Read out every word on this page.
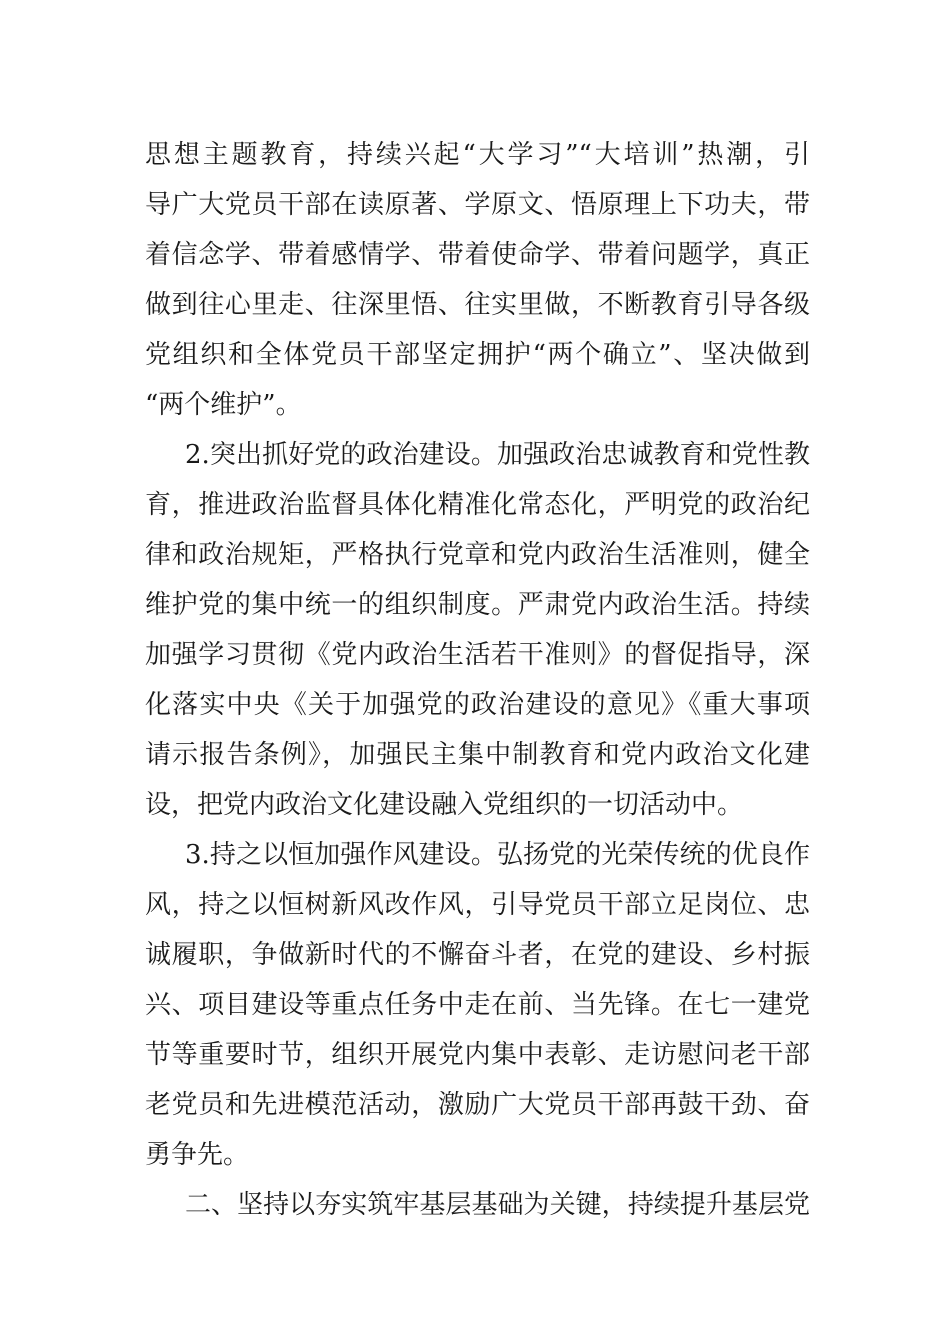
思想主题教育，持续兴起“大学习”“大培训”热潮，引
导广大党员干部在读原著、学原文、悟原理上下功夫，带
着信念学、带着感情学、带着使命学、带着问题学，真正
做到往心里走、往深里悟、往实里做，不断教育引导各级
党组织和全体党员干部坚定拥护“两个确立”、坚决做到
“两个维护”。
2.突出抓好党的政治建设。加强政治忠诚教育和党性教
育，推进政治监督具体化精准化常态化，严明党的政治纪
律和政治规矩，严格执行党章和党内政治生活准则，健全
维护党的集中统一的组织制度。严肃党内政治生活。持续
加强学习贯彻《党内政治生活若干准则》的督促指导，深
化落实中央《关于加强党的政治建设的意见》《重大事项
请示报告条例》，加强民主集中制教育和党内政治文化建
设，把党内政治文化建设融入党组织的一切活动中。
3.持之以恒加强作风建设。弘扬党的光荣传统的优良作
风，持之以恒树新风改作风，引导党员干部立足岗位、忠
诚履职，争做新时代的不懈奋斗者，在党的建设、乡村振
兴、项目建设等重点任务中走在前、当先锋。在七一建党
节等重要时节，组织开展党内集中表彰、走访慰问老干部
老党员和先进模范活动，激励广大党员干部再鼓干劲、奋
勇争先。
二、坚持以夯实筑牢基层基础为关键，持续提升基层党
